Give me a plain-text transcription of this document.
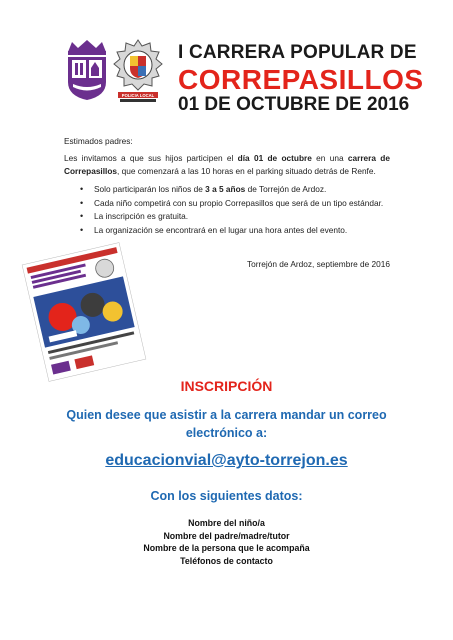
POLICIA LOCAL
I CARRERA POPULAR DE
CORREPASILLOS
01 DE OCTUBRE DE 2016
Estimados padres:
Les invitamos a que sus hijos participen el día 01 de octubre en una carrera de Correpasillos, que comenzará a las 10 horas en el parking situado detrás de Renfe.
• Solo participarán los niños de 3 a 5 años de Torrejón de Ardoz.
• Cada niño competirá con su propio Correpasillos que será de un tipo estándar.
• La inscripción es gratuita.
• La organización se encontrará en el lugar una hora antes del evento.
Torrejón de Ardoz, septiembre de 2016
INSCRIPCIÓN
Quien desee que asistir a la carrera mandar un correo
electrónico a:
educacionvial@ayto-torrejon.es
Con los siguientes datos:
Nombre del niño/a
Nombre del padre/madre/tutor
Nombre de la persona que le acompaña
Teléfonos de contacto
